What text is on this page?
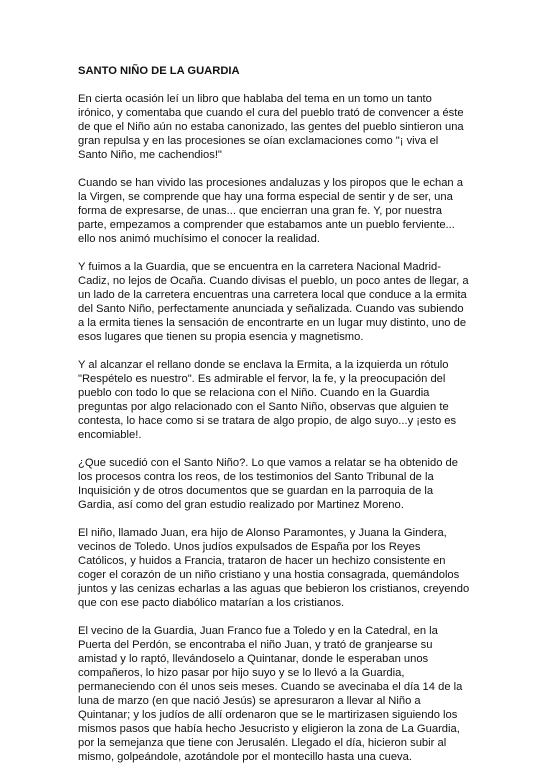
SANTO NIÑO DE LA GUARDIA
En cierta ocasión leí un libro que hablaba del tema en un tomo un tanto irónico, y comentaba que cuando el cura del pueblo trató de convencer a éste de que el Niño aún no estaba canonizado, las gentes del pueblo sintieron una gran repulsa y en las procesiones se oían exclamaciones como "¡ viva el Santo Niño, me cachendios!"
Cuando se han vivido las procesiones andaluzas y los piropos que le echan a la Virgen, se comprende que hay una forma especial de sentir y de ser, una forma de expresarse, de unas... que encierran una gran fe. Y, por nuestra parte, empezamos a comprender que estabamos ante un pueblo ferviente... ello nos animó muchísimo el conocer la realidad.
Y fuimos a la Guardia, que se encuentra en la carretera Nacional Madrid-Cadiz, no lejos de Ocaña. Cuando divisas el pueblo, un poco antes de llegar, a un lado de la carretera encuentras una carretera local que conduce a la ermita del Santo Niño, perfectamente anunciada y señalizada. Cuando vas subiendo a la ermita tienes la sensación de encontrarte en un lugar muy distinto, uno de esos lugares que tienen su propia esencia y magnetismo.
Y al alcanzar el rellano donde se enclava la Ermita, a la izquierda un rótulo "Respételo es nuestro". Es admirable el fervor, la fe, y la preocupación del pueblo con todo lo que se relaciona con el Niño. Cuando en la Guardia preguntas por algo relacionado con el Santo Niño, observas que alguien te contesta, lo hace como si se tratara de algo propio, de algo suyo...y ¡esto es encomiable!.
¿Que sucedió con el Santo Niño?. Lo que vamos a relatar se ha obtenido de los procesos contra los reos, de los testimonios del Santo Tribunal de la Inquisición y de otros documentos que se guardan en la parroquia de la Gardia, así como del gran estudio realizado por Martinez Moreno.
El niño, llamado Juan, era hijo de Alonso Paramontes, y Juana la Gindera, vecinos de Toledo. Unos judíos expulsados de España por los Reyes Católicos, y huidos a Francia, trataron de hacer un hechizo consistente en coger el corazón de un niño cristiano y una hostia consagrada, quemándolos juntos y las cenizas echarlas a las aguas que bebieron los cristianos, creyendo que con ese pacto diabólico matarían a los cristianos.
El vecino de la Guardia, Juan Franco fue a Toledo y en la Catedral, en la Puerta del Perdón, se encontraba el niño Juan, y trató de granjearse su amistad y lo raptó, llevándoselo a Quintanar, donde le esperaban unos compañeros, lo hizo pasar por hijo suyo y se lo llevó a la Guardia, permaneciendo con él unos seis meses. Cuando se avecinaba el día 14 de la luna de marzo (en que nació Jesús) se apresuraron a llevar al Niño a Quintanar; y los judíos de allí ordenaron que se le martirizasen siguiendo los mismos pasos que había hecho Jesucristo y eligieron la zona de La Guardia, por la semejanza que tiene con Jerusalén. Llegado el día, hicieron subir al mismo, golpeándole, azotándole por el montecillo hasta una cueva.
